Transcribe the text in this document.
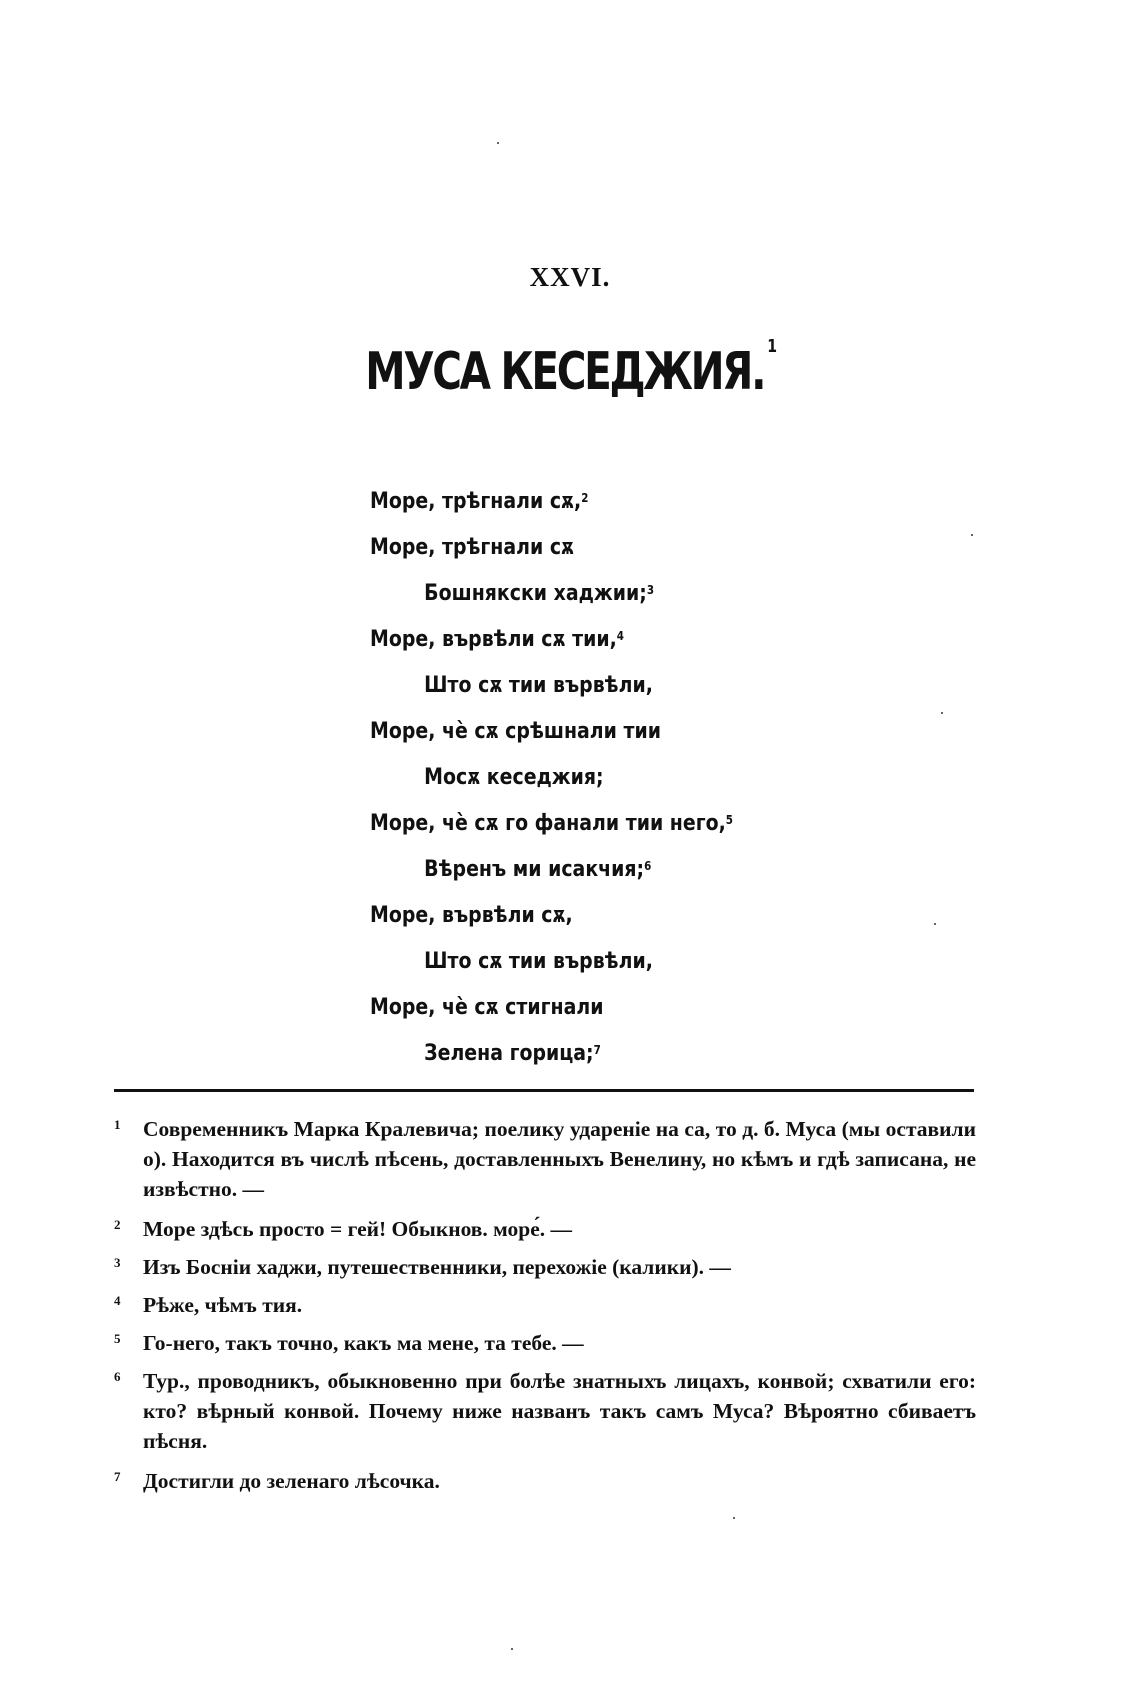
XXVI.
МУСА КЕСЕДЖИЯ. $^1$
Море, трѣгнали сѫ,$^2$
Море, трѣгнали сѫ
Бошнякски хаджии;$^3$
Море, вървѣли сѫ тии,$^4$
Што сѫ тии вървѣли,
Море, чѐ сѫ срѣшнали тии
Мосѫ кеседжия;
Море, чѐ сѫ го фанали тии него,$^5$
Вѣренъ ми исакчия;$^6$
Море, вървѣли сѫ,
Што сѫ тии вървѣли,
Море, чѐ сѫ стигнали
Зелена горица;$^7$
1 Современникъ Марка Кралевича; поелику удареніе на са, то д. б. Муса (мы оставили о). Находится въ числѣ пѣсень, доставленныхъ Венелину, но кѣмъ и гдѣ записана, не извѣстно. —
2 Море здѣсь просто = гей! Обыкнов. море́. —
3 Изъ Босніи хаджи, путешественники, перехожіе (калики). —
4 Рѣже, чѣмъ тия.
5 Го-него, такъ точно, какъ ма мене, та тебе. —
6 Тур., проводникъ, обыкновенно при болѣе знатныхъ лицахъ, конвой; схватили его: кто? вѣрный конвой. Почему ниже названъ такъ самъ Муса? Вѣроятно сбиваетъ пѣсня.
7 Достигли до зеленаго лѣсочка.
